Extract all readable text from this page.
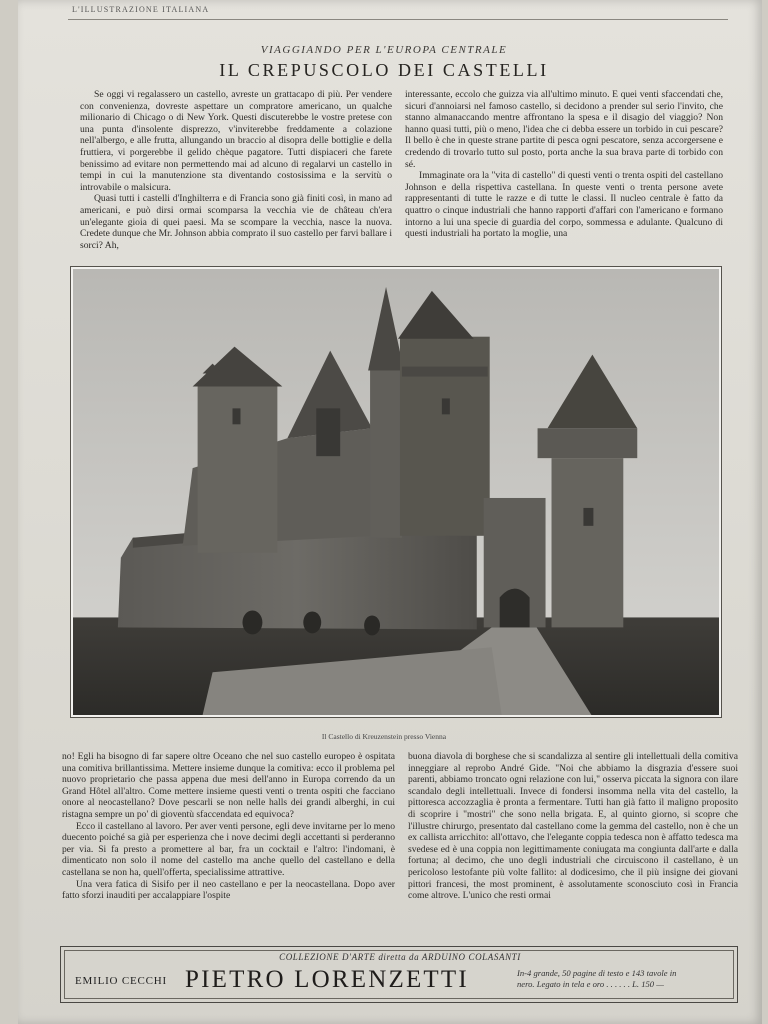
L'ILLUSTRAZIONE ITALIANA
VIAGGIANDO PER L'EUROPA CENTRALE
IL CREPUSCOLO DEI CASTELLI

Se oggi vi regalassero un castello, avreste un grattacapo di più. Per vendere con convenienza, dovreste aspettare un compratore americano, un qualche milionario di Chicago o di New York. Questi discuterebbe le vostre pretese con una punta d'insolente disprezzo, v'inviterebbe freddamente a colazione nell'albergo, e alle frutta, allungando un braccio al disopra delle bottiglie e della fruttiera, vi porgerebbe il gelido chèque pagatore. Tutti dispiaceri che farete benissimo ad evitare non permettendo mai ad alcuno di regalarvi un castello in tempi in cui la manutenzione sta diventando costosissima e la servitù o introvabile o malsicura.

Quasi tutti i castelli d'Inghilterra e di Francia sono già finiti così, in mano ad americani, e può dirsi ormai scomparsa la vecchia vie de château ch'era un'elegante gioia di quei paesi. Ma se scompare la vecchia, nasce la nuova. Credete dunque che Mr. Johnson abbia comprato il suo castello per farvi ballare i sorci? Ah,

interessante, eccolo che guizza via all'ultimo minuto. E quei venti sfaccendati che, sicuri d'annoiarsi nel famoso castello, si decidono a prender sul serio l'invito, che stanno almanaccando mentre affrontano la spesa e il disagio del viaggio? Non hanno quasi tutti, più o meno, l'idea che ci debba essere un torbido in cui pescare? Il bello è che in queste strane partite di pesca ogni pescatore, senza accorgersene e credendo di trovarlo tutto sul posto, porta anche la sua brava parte di torbido con sé.

Immaginate ora la "vita di castello" di questi venti o trenta ospiti del castellano Johnson e della rispettiva castellana. In queste venti o trenta persone avete rappresentanti di tutte le razze e di tutte le classi. Il nucleo centrale è fatto da quattro o cinque industriali che hanno rapporti d'affari con l'americano e formano intorno a lui una specie di guardia del corpo, sommessa e adulante. Qualcuno di questi industriali ha portato la moglie, una

Il Castello di Kreuzenstein presso Vienna

no! Egli ha bisogno di far sapere oltre Oceano che nel suo castello europeo è ospitata una comitiva brillantissima. Mettere insieme dunque la comitiva: ecco il problema pel nuovo proprietario che passa appena due mesi dell'anno in Europa correndo da un Grand Hôtel all'altro. Come mettere insieme questi venti o trenta ospiti che facciano onore al neocastellano? Dove pescarli se non nelle halls dei grandi alberghi, in cui ristagna sempre un po' di gioventù sfaccendata ed equivoca?

Ecco il castellano al lavoro. Per aver venti persone, egli deve invitarne per lo meno duecento poiché sa già per esperienza che i nove decimi degli accettanti si perderanno per via. Si fa presto a promettere al bar, fra un cocktail e l'altro: l'indomani, è dimenticato non solo il nome del castello ma anche quello del castellano e della castellana se non ha, quell'offerta, specialissime attrattive.

Una vera fatica di Sisifo per il neo castellano e per la neocastellana. Dopo aver fatto sforzi inauditi per accalappiare l'ospite

buona diavola di borghese che si scandalizza al sentire gli intellettuali della comitiva inneggiare al reprobo André Gide. "Noi che abbiamo la disgrazia d'essere suoi parenti, abbiamo troncato ogni relazione con lui," osserva piccata la signora con ilare scandalo degli intellettuali. Invece di fondersi insomma nella vita del castello, la pittoresca accozzaglia è pronta a fermentare. Tutti han già fatto il maligno proposito di scoprire i "mostri" che sono nella brigata. E, al quinto giorno, si scopre che l'illustre chirurgo, presentato dal castellano come la gemma del castello, non è che un ex callista arricchito: all'ottavo, che l'elegante coppia tedesca non è affatto tedesca ma svedese ed è una coppia non legittimamente coniugata ma congiunta dall'arte e dalla fortuna; al decimo, che uno degli industriali che circuiscono il castellano, è un pericoloso lestofante più volte fallito: al dodicesimo, che il più insigne dei giovani pittori francesi, the most prominent, è assolutamente sconosciuto così in Francia come altrove. L'unico che resti ormai

COLLEZIONE D'ARTE diretta da ARDUINO COLASANTI
EMILIO CECCHI PIETRO LORENZETTI	In-4 grande, 50 pagine di testo e 143 tavole in
nero. Legato in tela e oro . . . . . . L. 150 —
